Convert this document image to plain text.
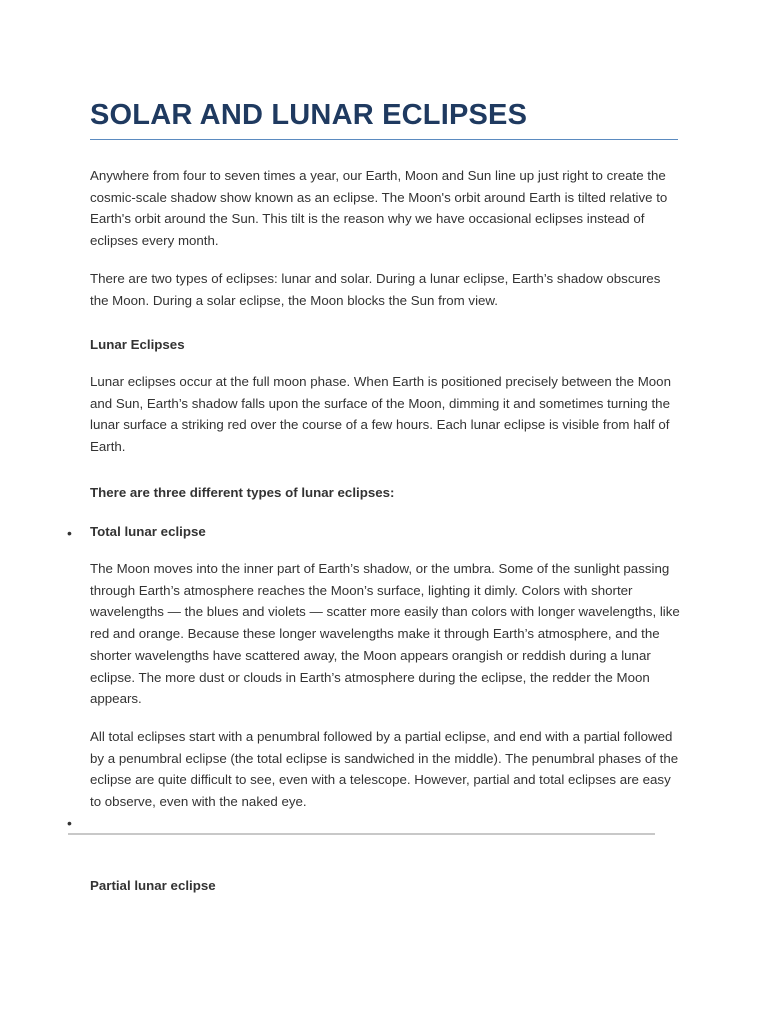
SOLAR AND LUNAR ECLIPSES

Anywhere from four to seven times a year, our Earth, Moon and Sun line up just right to create the cosmic-scale shadow show known as an eclipse. The Moon's orbit around Earth is tilted relative to Earth's orbit around the Sun. This tilt is the reason why we have occasional eclipses instead of eclipses every month.

There are two types of eclipses: lunar and solar. During a lunar eclipse, Earth’s shadow obscures the Moon. During a solar eclipse, the Moon blocks the Sun from view.

Lunar Eclipses

Lunar eclipses occur at the full moon phase. When Earth is positioned precisely between the Moon and Sun, Earth’s shadow falls upon the surface of the Moon, dimming it and sometimes turning the lunar surface a striking red over the course of a few hours. Each lunar eclipse is visible from half of Earth.

There are three different types of lunar eclipses:

• Total lunar eclipse

The Moon moves into the inner part of Earth’s shadow, or the umbra. Some of the sunlight passing through Earth’s atmosphere reaches the Moon’s surface, lighting it dimly. Colors with shorter wavelengths — the blues and violets — scatter more easily than colors with longer wavelengths, like red and orange. Because these longer wavelengths make it through Earth’s atmosphere, and the shorter wavelengths have scattered away, the Moon appears orangish or reddish during a lunar eclipse. The more dust or clouds in Earth’s atmosphere during the eclipse, the redder the Moon appears.

All total eclipses start with a penumbral followed by a partial eclipse, and end with a partial followed by a penumbral eclipse (the total eclipse is sandwiched in the middle). The penumbral phases of the eclipse are quite difficult to see, even with a telescope. However, partial and total eclipses are easy to observe, even with the naked eye.

•
Partial lunar eclipse
